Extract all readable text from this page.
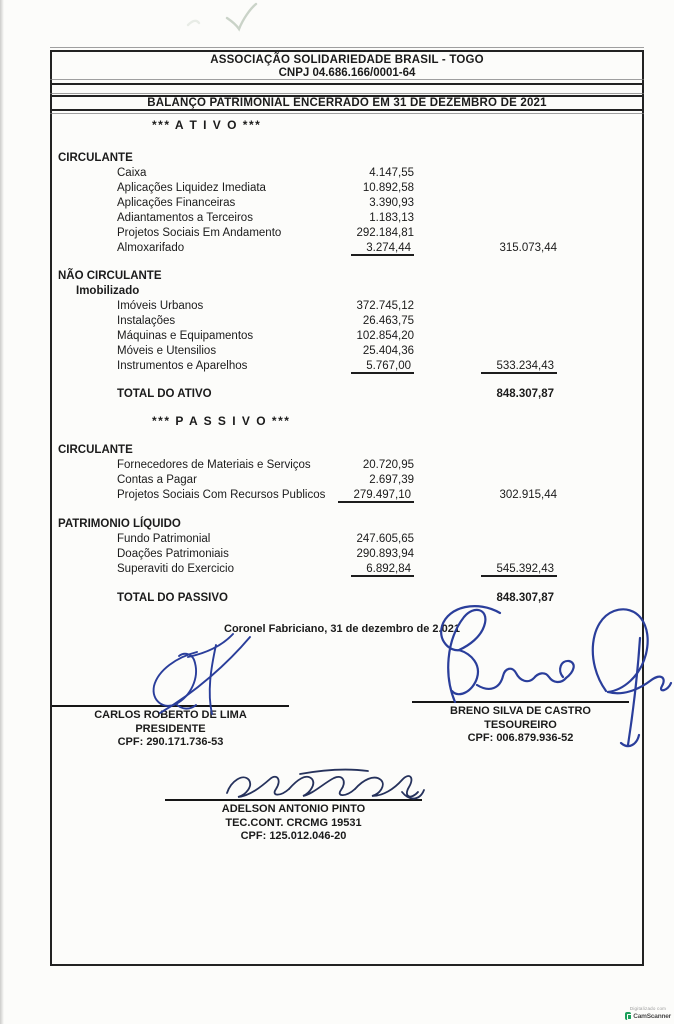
ASSOCIAÇÃO SOLIDARIEDADE BRASIL - TOGO
CNPJ 04.686.166/0001-64
BALANÇO PATRIMONIAL ENCERRADO EM 31 DE DEZEMBRO DE 2021
*** A T I V O ***
CIRCULANTE
Caixa	4.147,55
Aplicações Liquidez Imediata	10.892,58
Aplicações Financeiras	3.390,93
Adiantamentos a Terceiros	1.183,13
Projetos Sociais Em Andamento	292.184,81
Almoxarifado	3.274,44	315.073,44
NÃO CIRCULANTE
Imobilizado
Imóveis Urbanos	372.745,12
Instalações	26.463,75
Máquinas e Equipamentos	102.854,20
Móveis e Utensilios	25.404,36
Instrumentos e Aparelhos	5.767,00	533.234,43
TOTAL DO ATIVO	848.307,87
*** P A S S I V O ***
CIRCULANTE
Fornecedores de Materiais e Serviços	20.720,95
Contas a Pagar	2.697,39
Projetos Sociais Com Recursos Publicos	279.497,10	302.915,44
PATRIMONIO LÍQUIDO
Fundo Patrimonial	247.605,65
Doações Patrimoniais	290.893,94
Superaviti do Exercicio	6.892,84	545.392,43
TOTAL DO PASSIVO	848.307,87
Coronel Fabriciano, 31 de dezembro de 2.021
CARLOS ROBERTO DE LIMA
PRESIDENTE
CPF: 290.171.736-53
BRENO SILVA DE CASTRO
TESOUREIRO
CPF: 006.879.936-52
ADELSON ANTONIO PINTO
TEC.CONT. CRCMG 19531
CPF: 125.012.046-20
Digitalizado com
CamScanner
